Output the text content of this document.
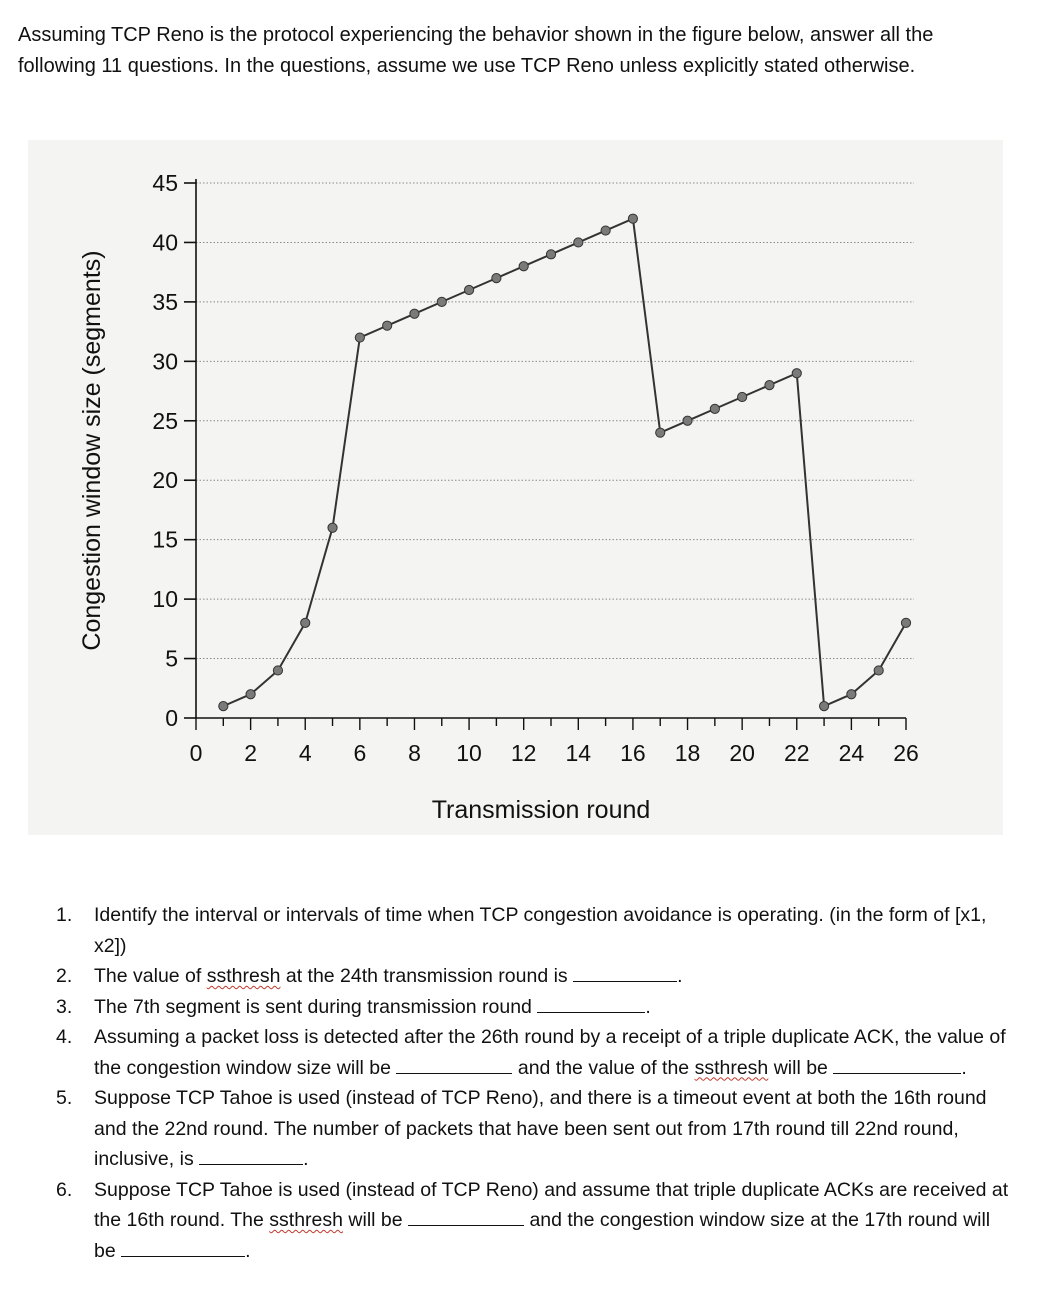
Assuming TCP Reno is the protocol experiencing the behavior shown in the figure below, answer all the following 11 questions. In the questions, assume we use TCP Reno unless explicitly stated otherwise.
0
5
10
15
20
25
30
35
40
45
0 2 4 6 8 10 12 14 16 18 20 22 24 26
Transmission round
Congestion window size (segments)
1.	Identify the interval or intervals of time when TCP congestion avoidance is operating. (in the form of [x1, x2])
2.	The value of ssthresh at the 24th transmission round is	.
3.	The 7th segment is sent during transmission round	.
4.	Assuming a packet loss is detected after the 26th round by a receipt of a triple duplicate ACK, the value of the congestion window size will be	and the value of the ssthresh will be	.
5.	Suppose TCP Tahoe is used (instead of TCP Reno), and there is a timeout event at both the 16th round and the 22nd round. The number of packets that have been sent out from 17th round till 22nd round, inclusive, is	.
6.	Suppose TCP Tahoe is used (instead of TCP Reno) and assume that triple duplicate ACKs are received at the 16th round. The ssthresh will be	and the congestion window size at the 17th round will be	.
